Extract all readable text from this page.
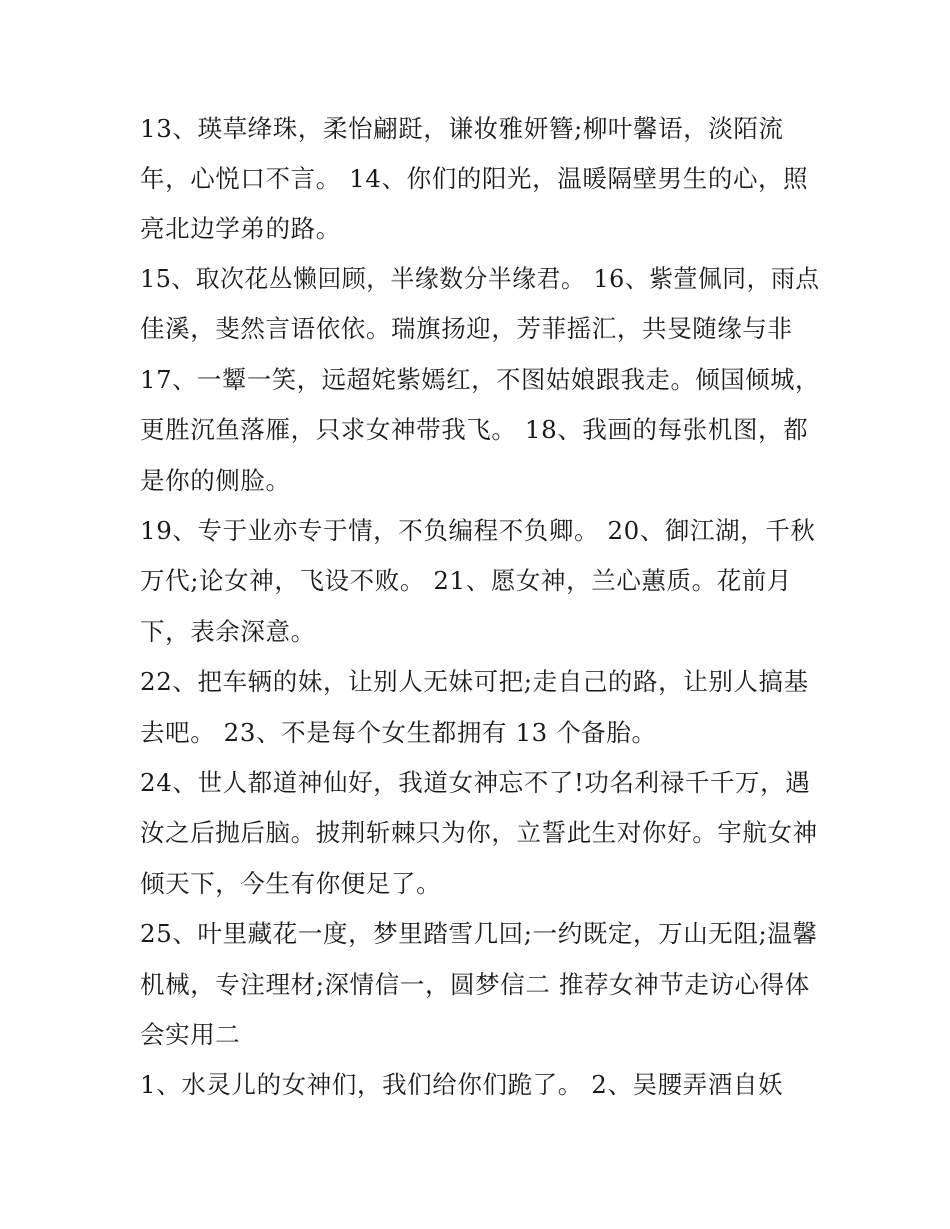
13、瑛草绛珠，柔怡翩跹，谦妆雅妍簪;柳叶馨语，淡陌流

年，心悦口不言。 14、你们的阳光，温暖隔壁男生的心，照

亮北边学弟的路。

15、取次花丛懒回顾，半缘数分半缘君。 16、紫萱佩同，雨点

佳溪，斐然言语依依。瑞旗扬迎，芳菲摇汇，共旻随缘与非

17、一颦一笑，远超姹紫嫣红，不图姑娘跟我走。倾国倾城，

更胜沉鱼落雁，只求女神带我飞。 18、我画的每张机图，都

是你的侧脸。

19、专于业亦专于情，不负编程不负卿。 20、御江湖，千秋

万代;论女神，飞设不败。 21、愿女神，兰心蕙质。花前月

下，表余深意。

22、把车辆的妹，让别人无妹可把;走自己的路，让别人搞基

去吧。 23、不是每个女生都拥有 13 个备胎。

24、世人都道神仙好，我道女神忘不了!功名利禄千千万，遇

汝之后抛后脑。披荆斩棘只为你，立誓此生对你好。宇航女神

倾天下，今生有你便足了。

25、叶里藏花一度，梦里踏雪几回;一约既定，万山无阻;温馨

机械，专注理材;深情信一，圆梦信二 推荐女神节走访心得体

会实用二

1、水灵儿的女神们，我们给你们跪了。 2、吴腰弄酒自妖
